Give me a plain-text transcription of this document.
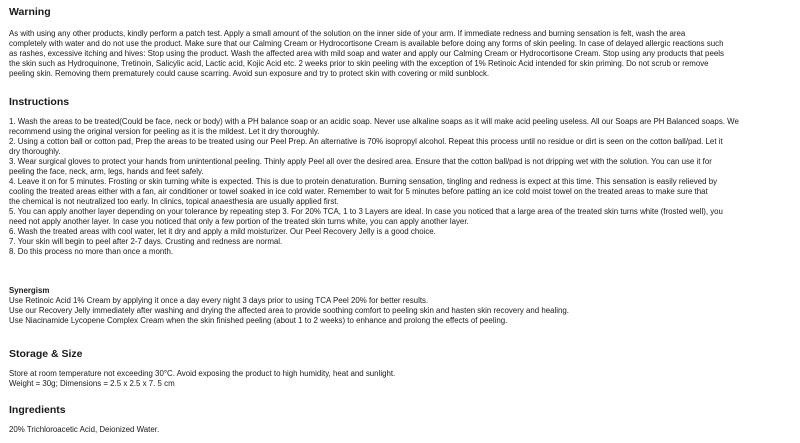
Warning
As with using any other products, kindly perform a patch test. Apply a small amount of the solution on the inner side of your arm. If immediate redness and burning sensation is felt, wash the area
completely with water and do not use the product. Make sure that our Calming Cream or Hydrocortisone Cream is available before doing any forms of skin peeling. In case of delayed allergic reactions such
as rashes, excessive itching and hives: Stop using the product. Wash the affected area with mild soap and water and apply our Calming Cream or Hydrocortisone Cream. Stop using any products that peels
the skin such as Hydroquinone, Tretinoin, Salicylic acid, Lactic acid, Kojic Acid etc. 2 weeks prior to skin peeling with the exception of 1% Retinoic Acid intended for skin priming. Do not scrub or remove
peeling skin. Removing them prematurely could cause scarring. Avoid sun exposure and try to protect skin with covering or mild sunblock.
Instructions
1. Wash the areas to be treated(Could be face, neck or body) with a PH balance soap or an acidic soap. Never use alkaline soaps as it will make acid peeling useless. All our Soaps are PH Balanced soaps. We
recommend using the original version for peeling as it is the mildest. Let it dry thoroughly.
2. Using a cotton ball or cotton pad, Prep the areas to be treated using our Peel Prep. An alternative is 70% isopropyl alcohol. Repeat this process until no residue or dirt is seen on the cotton ball/pad. Let it
dry thoroughly.
3. Wear surgical gloves to protect your hands from unintentional peeling. Thinly apply Peel all over the desired area. Ensure that the cotton ball/pad is not dripping wet with the solution. You can use it for
peeling the face, neck, arm, legs, hands and feet safely.
4. Leave it on for 5 minutes. Frosting or skin turning white is expected. This is due to protein denaturation. Burning sensation, tingling and redness is expect at this time. This sensation is easily relieved by
cooling the treated areas either with a fan, air conditioner or towel soaked in ice cold water. Remember to wait for 5 minutes before patting an ice cold moist towel on the treated areas to make sure that
the chemical is not neutralized too early. In clinics, topical anaesthesia are usually applied first.
5. You can apply another layer depending on your tolerance by repeating step 3. For 20% TCA, 1 to 3 Layers are ideal. In case you noticed that a large area of the treated skin turns white (frosted well), you
need not apply another layer. In case you noticed that only a few portion of the treated skin turns white, you can apply another layer.
6. Wash the treated areas with cool water, let it dry and apply a mild moisturizer. Our Peel Recovery Jelly is a good choice.
7. Your skin will begin to peel after 2-7 days. Crusting and redness are normal.
8. Do this process no more than once a month.
Synergism
Use Retinoic Acid 1% Cream by applying it once a day every night 3 days prior to using TCA Peel 20% for better results.
Use our Recovery Jelly immediately after washing and drying the affected area to provide soothing comfort to peeling skin and hasten skin recovery and healing.
Use Niacinamide Lycopene Complex Cream when the skin finished peeling (about 1 to 2 weeks) to enhance and prolong the effects of peeling.
Storage & Size
Store at room temperature not exceeding 30°C. Avoid exposing the product to high humidity, heat and sunlight.
Weight = 30g; Dimensions = 2.5 x 2.5 x 7. 5 cm
Ingredients
20% Trichloroacetic Acid, Deionized Water.
